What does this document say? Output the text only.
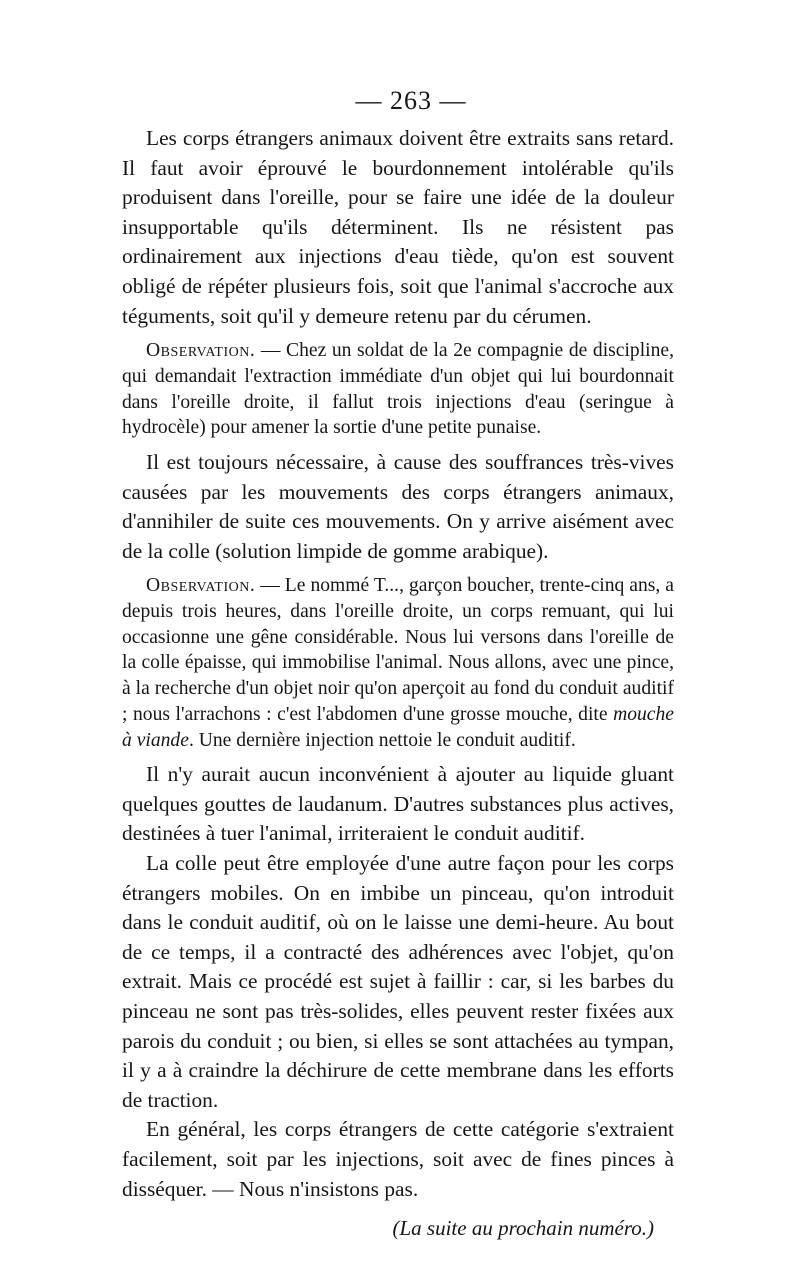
— 263 —

Les corps étrangers animaux doivent être extraits sans retard. Il faut avoir éprouvé le bourdonnement intolérable qu'ils produisent dans l'oreille, pour se faire une idée de la douleur insupportable qu'ils déterminent. Ils ne résistent pas ordinairement aux injections d'eau tiède, qu'on est souvent obligé de répéter plusieurs fois, soit que l'animal s'accroche aux téguments, soit qu'il y demeure retenu par du cérumen.

Observation. — Chez un soldat de la 2e compagnie de discipline, qui demandait l'extraction immédiate d'un objet qui lui bourdonnait dans l'oreille droite, il fallut trois injections d'eau (seringue à hydrocèle) pour amener la sortie d'une petite punaise.

Il est toujours nécessaire, à cause des souffrances très-vives causées par les mouvements des corps étrangers animaux, d'annihiler de suite ces mouvements. On y arrive aisément avec de la colle (solution limpide de gomme arabique).

Observation. — Le nommé T..., garçon boucher, trente-cinq ans, a depuis trois heures, dans l'oreille droite, un corps remuant, qui lui occasionne une gêne considérable. Nous lui versons dans l'oreille de la colle épaisse, qui immobilise l'animal. Nous allons, avec une pince, à la recherche d'un objet noir qu'on aperçoit au fond du conduit auditif ; nous l'arrachons : c'est l'abdomen d'une grosse mouche, dite mouche à viande. Une dernière injection nettoie le conduit auditif.

Il n'y aurait aucun inconvénient à ajouter au liquide gluant quelques gouttes de laudanum. D'autres substances plus actives, destinées à tuer l'animal, irriteraient le conduit auditif.

La colle peut être employée d'une autre façon pour les corps étrangers mobiles. On en imbibe un pinceau, qu'on introduit dans le conduit auditif, où on le laisse une demi-heure. Au bout de ce temps, il a contracté des adhérences avec l'objet, qu'on extrait. Mais ce procédé est sujet à faillir : car, si les barbes du pinceau ne sont pas très-solides, elles peuvent rester fixées aux parois du conduit ; ou bien, si elles se sont attachées au tympan, il y a à craindre la déchirure de cette membrane dans les efforts de traction.

En général, les corps étrangers de cette catégorie s'extraient facilement, soit par les injections, soit avec de fines pinces à disséquer. — Nous n'insistons pas.

(La suite au prochain numéro.)
